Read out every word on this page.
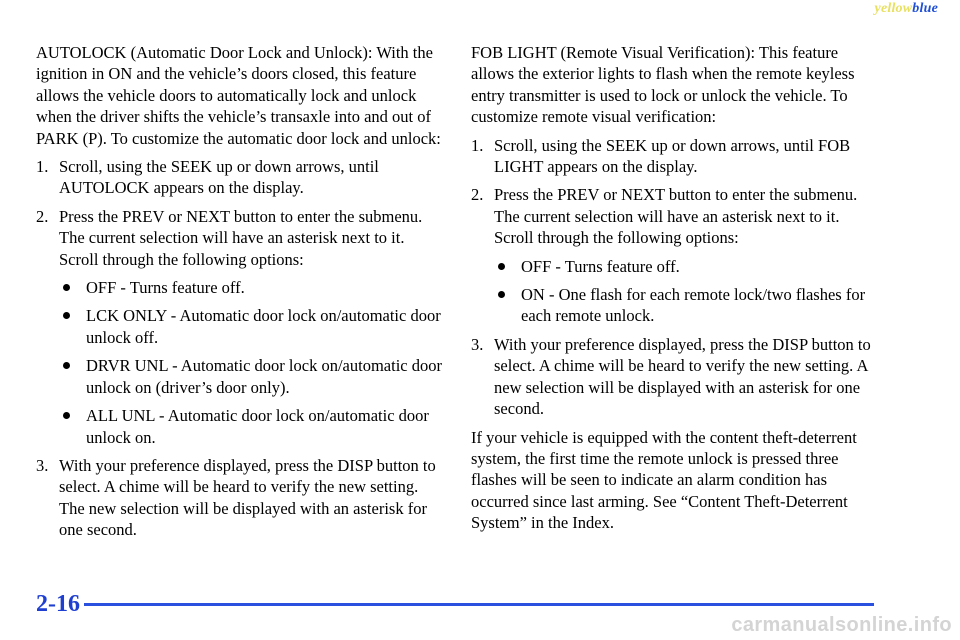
yellowblue

AUTOLOCK (Automatic Door Lock and Unlock): With the ignition in ON and the vehicle’s doors closed, this feature allows the vehicle doors to automatically lock and unlock when the driver shifts the vehicle’s transaxle into and out of PARK (P). To customize the automatic door lock and unlock:

1. Scroll, using the SEEK up or down arrows, until AUTOLOCK appears on the display.
2. Press the PREV or NEXT button to enter the submenu. The current selection will have an asterisk next to it. Scroll through the following options:
OFF - Turns feature off.
LCK ONLY - Automatic door lock on/automatic door unlock off.
DRVR UNL - Automatic door lock on/automatic door unlock on (driver’s door only).
ALL UNL - Automatic door lock on/automatic door unlock on.
3. With your preference displayed, press the DISP button to select. A chime will be heard to verify the new setting. The new selection will be displayed with an asterisk for one second.

FOB LIGHT (Remote Visual Verification): This feature allows the exterior lights to flash when the remote keyless entry transmitter is used to lock or unlock the vehicle. To customize remote visual verification:

1. Scroll, using the SEEK up or down arrows, until FOB LIGHT appears on the display.
2. Press the PREV or NEXT button to enter the submenu. The current selection will have an asterisk next to it. Scroll through the following options:
OFF - Turns feature off.
ON - One flash for each remote lock/two flashes for each remote unlock.
3. With your preference displayed, press the DISP button to select. A chime will be heard to verify the new setting. A new selection will be displayed with an asterisk for one second.

If your vehicle is equipped with the content theft-deterrent system, the first time the remote unlock is pressed three flashes will be seen to indicate an alarm condition has occurred since last arming. See “Content Theft-Deterrent System” in the Index.

2-16
carmanualsonline.info
